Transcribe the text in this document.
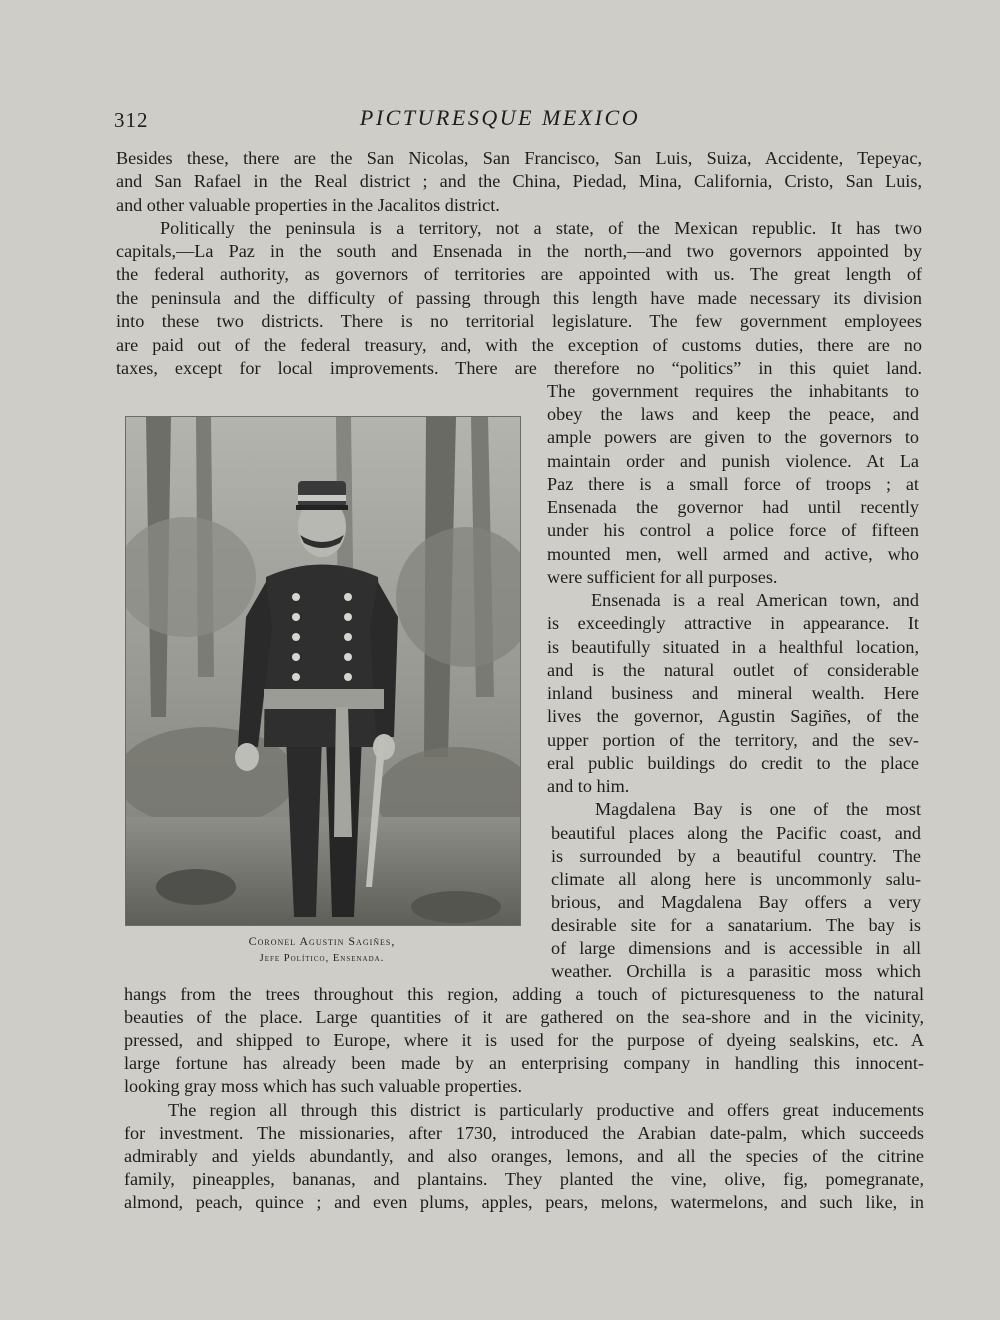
312	PICTURESQUE MEXICO
Besides these, there are the San Nicolas, San Francisco, San Luis, Suiza, Accidente, Tepeyac,
and San Rafael in the Real district ; and the China, Piedad, Mina, California, Cristo, San Luis,
and other valuable properties in the Jacalitos district.
Politically the peninsula is a territory, not a state, of the Mexican republic. It has two
capitals,—La Paz in the south and Ensenada in the north,—and two governors appointed by
the federal authority, as governors of territories are appointed with us. The great length of
the peninsula and the difficulty of passing through this length have made necessary its division
into these two districts. There is no territorial legislature. The few government employees
are paid out of the federal treasury, and, with the exception of customs duties, there are no
taxes, except for local improvements. There are therefore no “politics” in this quiet land.
The government requires the inhabitants to
obey the laws and keep the peace, and
ample powers are given to the governors to
maintain order and punish violence. At La
Paz there is a small force of troops ; at
Ensenada the governor had until recently
under his control a police force of fifteen
mounted men, well armed and active, who
were sufficient for all purposes.
Ensenada is a real American town, and
is exceedingly attractive in appearance. It
is beautifully situated in a healthful location,
and is the natural outlet of considerable
inland business and mineral wealth. Here
lives the governor, Agustin Sagiñes, of the
upper portion of the territory, and the sev-
eral public buildings do credit to the place
and to him.
Magdalena Bay is one of the most
beautiful places along the Pacific coast, and
is surrounded by a beautiful country. The
climate all along here is uncommonly salu-
brious, and Magdalena Bay offers a very
desirable site for a sanatarium. The bay is
of large dimensions and is accessible in all
weather. Orchilla is a parasitic moss which
hangs from the trees throughout this region, adding a touch of picturesqueness to the natural
beauties of the place. Large quantities of it are gathered on the sea-shore and in the vicinity,
pressed, and shipped to Europe, where it is used for the purpose of dyeing sealskins, etc. A
large fortune has already been made by an enterprising company in handling this innocent-
looking gray moss which has such valuable properties.
The region all through this district is particularly productive and offers great inducements
for investment. The missionaries, after 1730, introduced the Arabian date-palm, which succeeds
admirably and yields abundantly, and also oranges, lemons, and all the species of the citrine
family, pineapples, bananas, and plantains. They planted the vine, olive, fig, pomegranate,
almond, peach, quince ; and even plums, apples, pears, melons, watermelons, and such like, in
Coronel Agustin Sagiñes,
Jefe Político, Ensenada.
